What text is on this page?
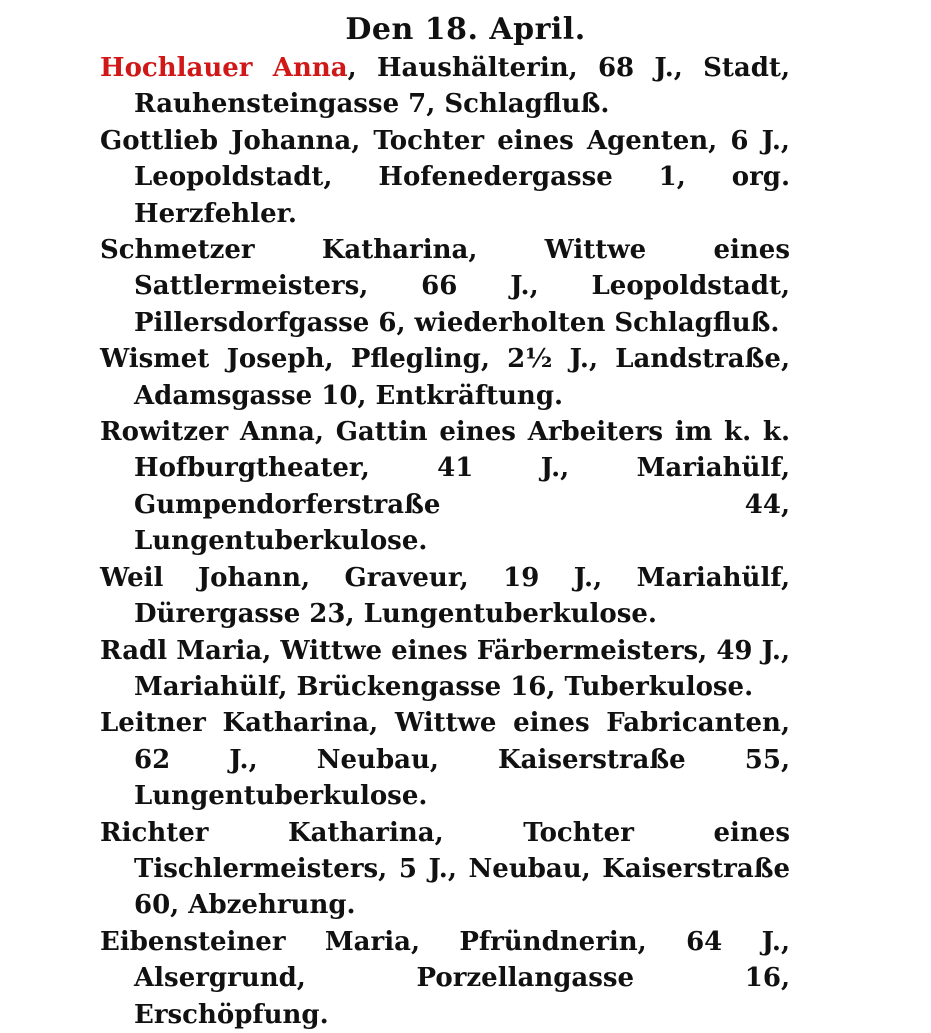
Den 18. April.

Hochlauer Anna, Haushälterin, 68 J., Stadt, Rauhensteingasse 7, Schlagfluß.

Gottlieb Johanna, Tochter eines Agenten, 6 J., Leopoldstadt, Hofenedergasse 1, org. Herzfehler.

Schmetzer Katharina, Wittwe eines Sattlermeisters, 66 J., Leopoldstadt, Pillersdorfgasse 6, wiederholten Schlagfluß.

Wismet Joseph, Pflegling, 2½ J., Landstraße, Adamsgasse 10, Entkräftung.

Rowitzer Anna, Gattin eines Arbeiters im k. k. Hofburgtheater, 41 J., Mariahülf, Gumpendorferstraße 44, Lungentuberkulose.

Weil Johann, Graveur, 19 J., Mariahülf, Dürergasse 23, Lungentuberkulose.

Radl Maria, Wittwe eines Färbermeisters, 49 J., Mariahülf, Brückengasse 16, Tuberkulose.

Leitner Katharina, Wittwe eines Fabricanten, 62 J., Neubau, Kaiserstraße 55, Lungentuberkulose.

Richter Katharina, Tochter eines Tischlermeisters, 5 J., Neubau, Kaiserstraße 60, Abzehrung.

Eibensteiner Maria, Pfründnerin, 64 J., Alsergrund, Porzellangasse 16, Erschöpfung.
